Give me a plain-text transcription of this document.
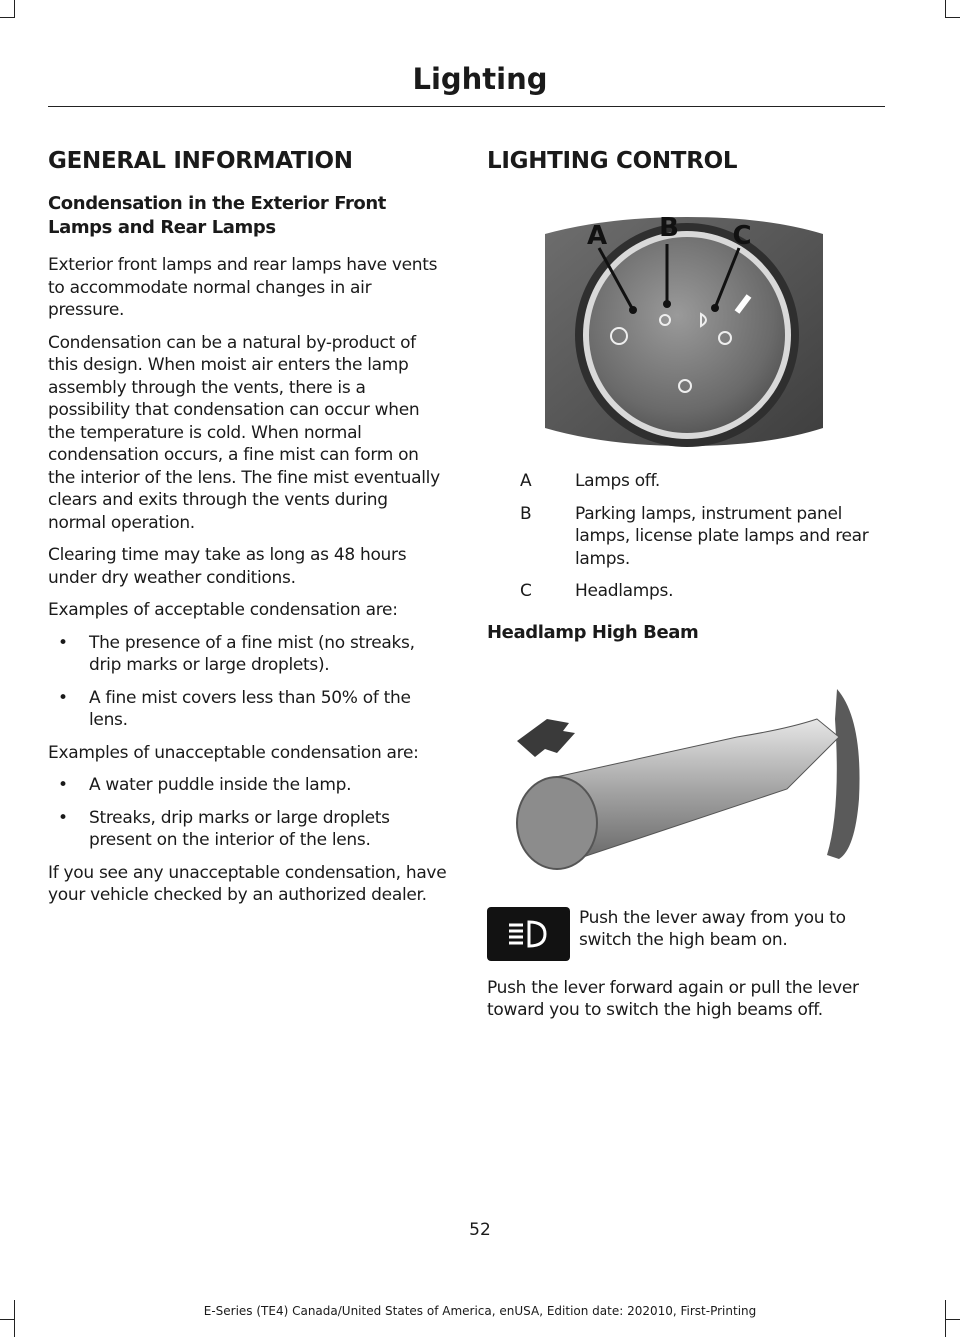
Lighting
GENERAL INFORMATION
Condensation in the Exterior Front Lamps and Rear Lamps

Exterior front lamps and rear lamps have vents to accommodate normal changes in air pressure.

Condensation can be a natural by-product of this design. When moist air enters the lamp assembly through the vents, there is a possibility that condensation can occur when the temperature is cold. When normal condensation occurs, a fine mist can form on the interior of the lens. The fine mist eventually clears and exits through the vents during normal operation.

Clearing time may take as long as 48 hours under dry weather conditions.

Examples of acceptable condensation are:

• The presence of a fine mist (no streaks, drip marks or large droplets).
• A fine mist covers less than 50% of the lens.

Examples of unacceptable condensation are:

• A water puddle inside the lamp.
• Streaks, drip marks or large droplets present on the interior of the lens.

If you see any unacceptable condensation, have your vehicle checked by an authorized dealer.

LIGHTING CONTROL
A B C
A	Lamps off.
B	Parking lamps, instrument panel lamps, license plate lamps and rear lamps.
C	Headlamps.
Headlamp High Beam
Push the lever away from you to switch the high beam on.

Push the lever forward again or pull the lever toward you to switch the high beams off.

52
E-Series (TE4) Canada/United States of America, enUSA, Edition date: 202010, First-Printing
